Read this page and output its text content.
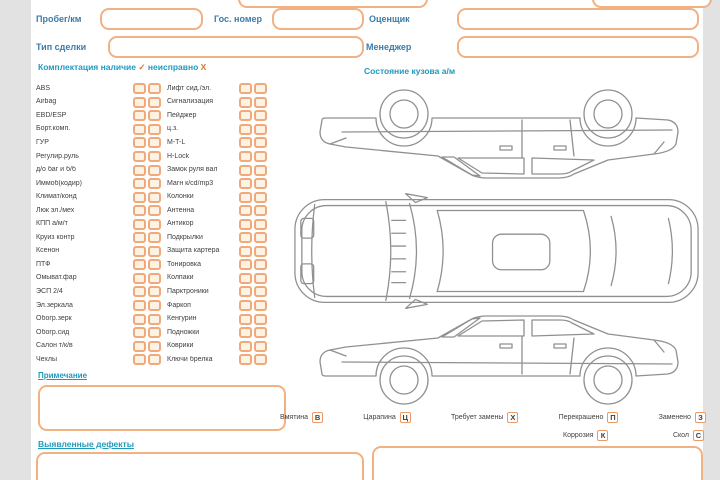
Пробег/км	Гос. номер	Оценщик
Тип сделки	Менеджер
Комплектация наличие ✓ неисправно Х
ABS	Лифт сид./эл.
Airbag	Сигнализация
EBD/ESP	Пейджер
Борт.комп.	ц.з.
ГУР	M-T-L
Регулир.руль	H-Lock
д/о баг и б/б	Замок руля вал
Иммоб(кодир)	Магн к/cd/mp3
Климат/конд	Колонки
Люк эл./мех	Антенна
КПП а/м/т	Антикор
Круиз контр	Подкрылки
Ксенон	Защита картера
ПТФ	Тонировка
Омыват.фар	Колпаки
ЭСП 2/4	Парктроники
Эл.зеркала	Фаркоп
Обогр.зерк	Кенгурин
Обогр.сид	Подножки
Салон т/к/в	Коврики
Чехлы	Ключи брелка
Примечание
Выявленные дефекты
Состояние кузова а/м
Вмятина В	Царапина Ц	Требует замены Х	Перекрашено П	Заменено З
Коррозия К	Скол С
